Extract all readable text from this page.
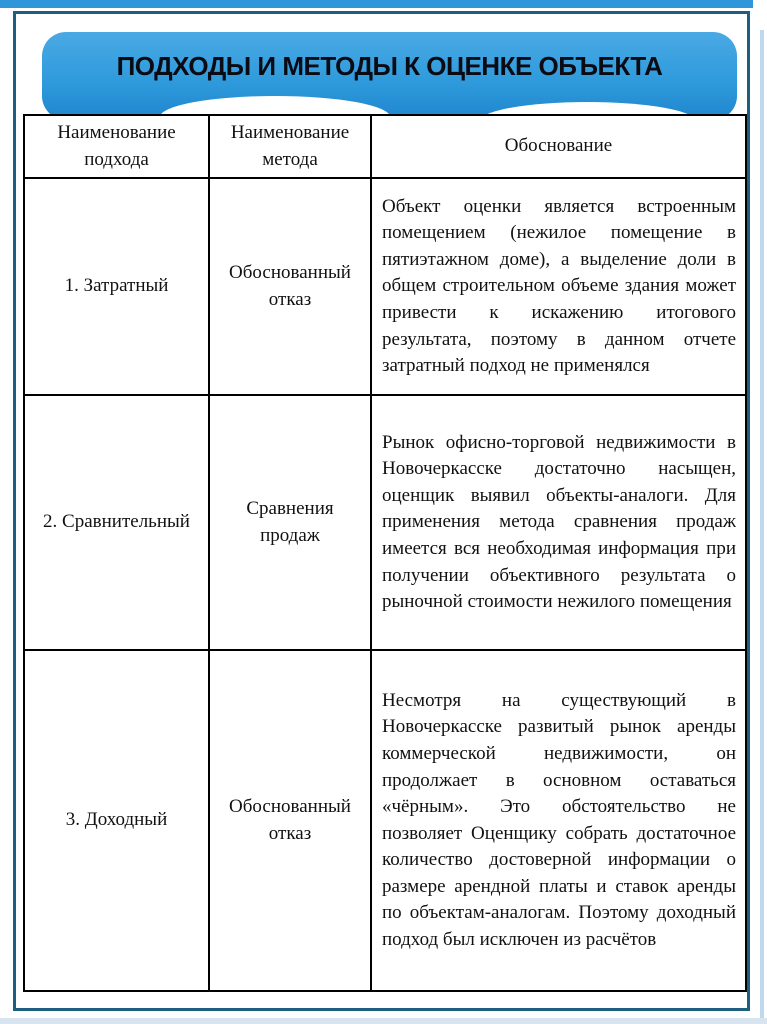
ПОДХОДЫ И МЕТОДЫ К ОЦЕНКЕ ОБЪЕКТА
Наименование подхода	Наименование метода	Обоснование
1. Затратный	Обоснованный отказ	Объект оценки является встроенным помещением (нежилое помещение в пятиэтажном доме), а выделение доли в общем строительном объеме здания может привести к искажению итогового результата, поэтому в данном отчете затратный подход не применялся
2. Сравнительный	Сравнения продаж	Рынок офисно-торговой недвижимости в Новочеркасске достаточно насыщен, оценщик выявил объекты-аналоги. Для применения метода сравнения продаж имеется вся необходимая информация при получении объективного результата о рыночной стоимости нежилого помещения
3. Доходный	Обоснованный отказ	Несмотря на существующий в Новочеркасске развитый рынок аренды коммерческой недвижимости, он продолжает в основном оставаться «чёрным». Это обстоятельство не позволяет Оценщику собрать достаточное количество достоверной информации о размере арендной платы и ставок аренды по объектам-аналогам. Поэтому доходный подход был исключен из расчётов
